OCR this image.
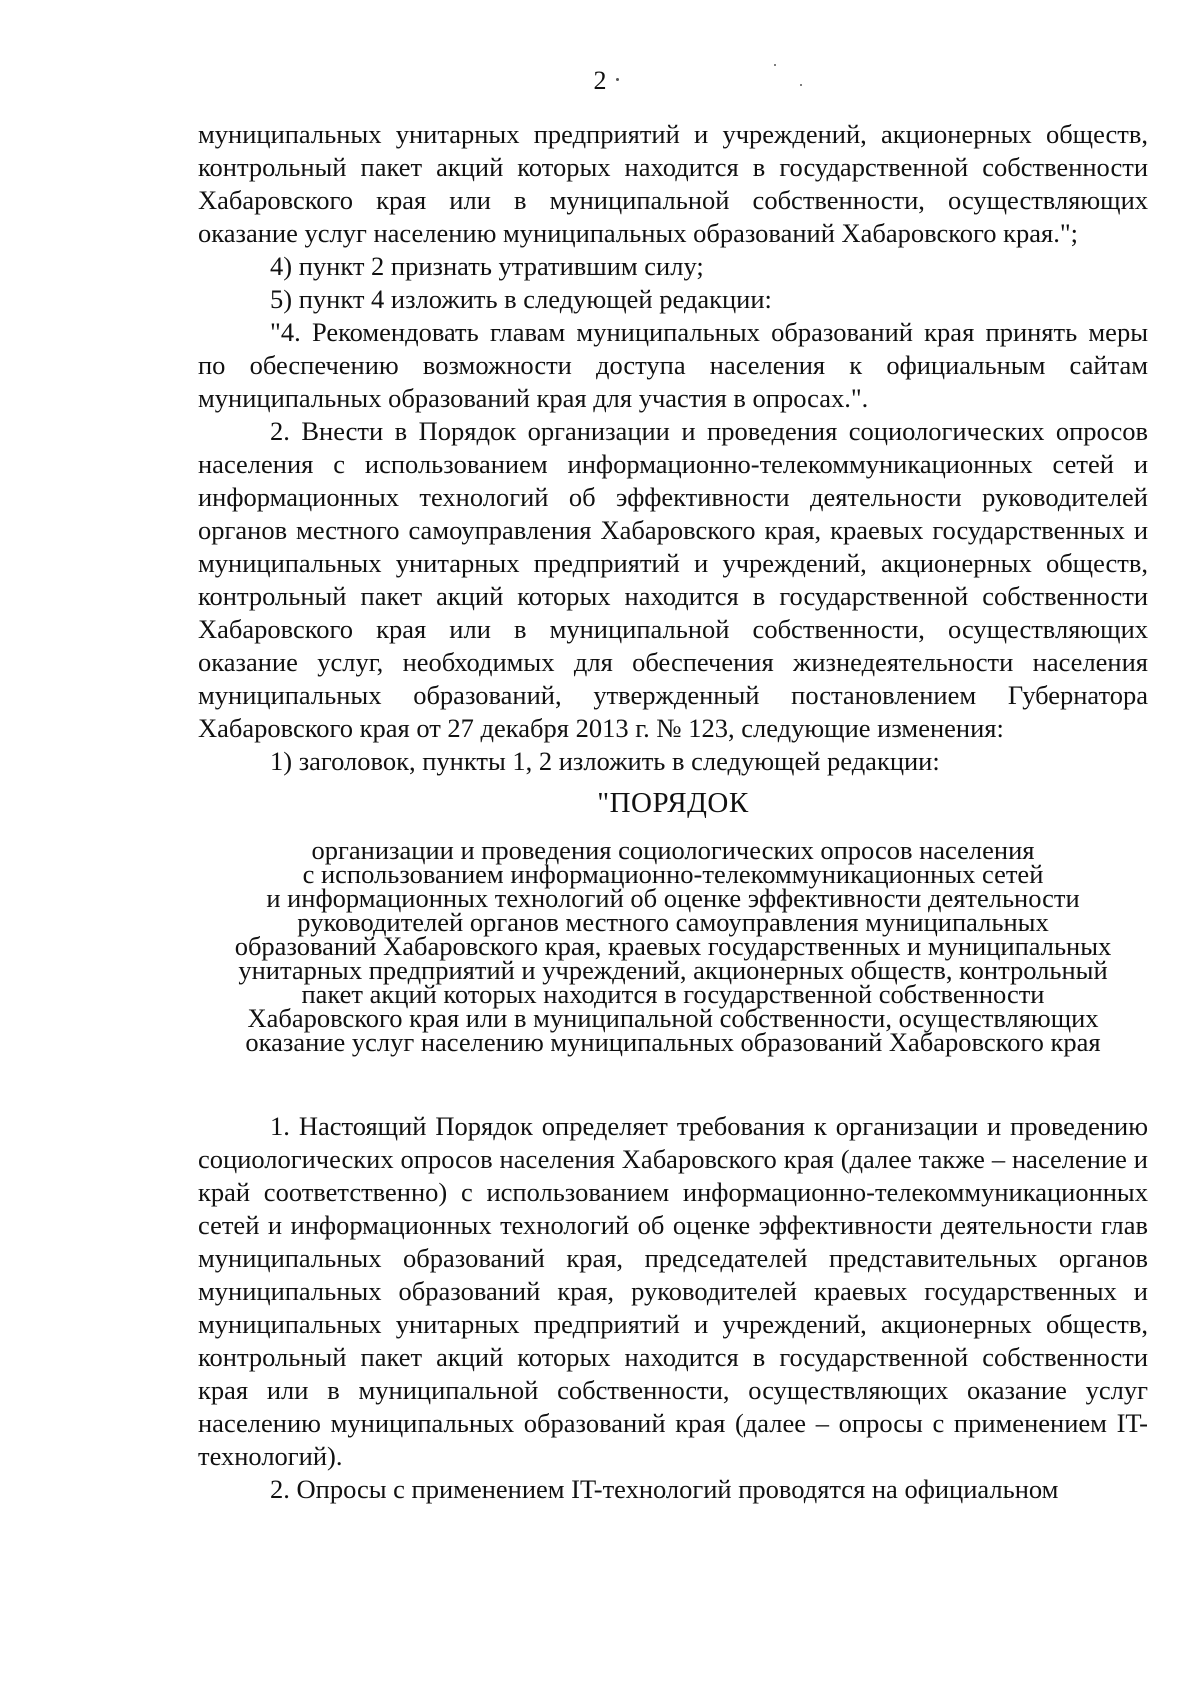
2

муниципальных унитарных предприятий и учреждений, акционерных обществ, контрольный пакет акций которых находится в государственной собственности Хабаровского края или в муниципальной собственности, осуществляющих оказание услуг населению муниципальных образований Хабаровского края.";

4) пункт 2 признать утратившим силу;

5) пункт 4 изложить в следующей редакции:

"4. Рекомендовать главам муниципальных образований края принять меры по обеспечению возможности доступа населения к официальным сайтам муниципальных образований края для участия в опросах.".

2. Внести в Порядок организации и проведения социологических опросов населения с использованием информационно-телекоммуникационных сетей и информационных технологий об эффективности деятельности руководителей органов местного самоуправления Хабаровского края, краевых государственных и муниципальных унитарных предприятий и учреждений, акционерных обществ, контрольный пакет акций которых находится в государственной собственности Хабаровского края или в муниципальной собственности, осуществляющих оказание услуг, необходимых для обеспечения жизнедеятельности населения муниципальных образований, утвержденный постановлением Губернатора Хабаровского края от 27 декабря 2013 г. № 123, следующие изменения:

1) заголовок, пункты 1, 2 изложить в следующей редакции:

"ПОРЯДОК

организации и проведения социологических опросов населения

с использованием информационно-телекоммуникационных сетей

и информационных технологий об оценке эффективности деятельности

руководителей органов местного самоуправления муниципальных

образований Хабаровского края, краевых государственных и муниципальных

унитарных предприятий и учреждений, акционерных обществ, контрольный

пакет акций которых находится в государственной собственности

Хабаровского края или в муниципальной собственности, осуществляющих

оказание услуг населению муниципальных образований Хабаровского края

1. Настоящий Порядок определяет требования к организации и проведению социологических опросов населения Хабаровского края (далее также – население и край соответственно) с использованием информационно-телекоммуникационных сетей и информационных технологий об оценке эффективности деятельности глав муниципальных образований края, председателей представительных органов муниципальных образований края, руководителей краевых государственных и муниципальных унитарных предприятий и учреждений, акционерных обществ, контрольный пакет акций которых находится в государственной собственности края или в муниципальной собственности, осуществляющих оказание услуг населению муниципальных образований края (далее – опросы с применением IT-технологий).

2. Опросы с применением IT-технологий проводятся на официальном
